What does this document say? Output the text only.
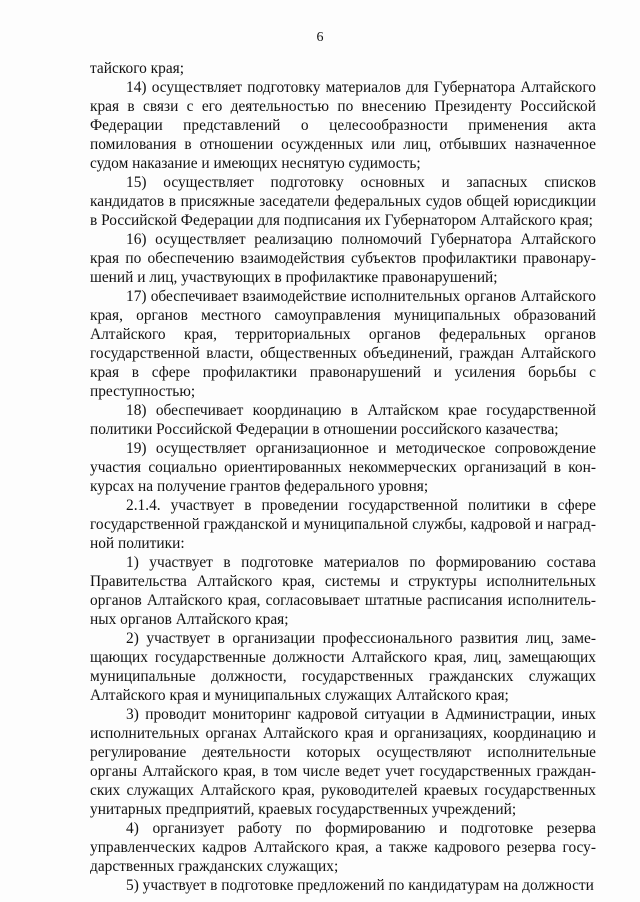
6

тайского края;

14) осуществляет подготовку материалов для Губернатора Алтайского края в связи с его деятельностью по внесению Президенту Российской Федерации представлений о целесообразности применения акта помилования в отношении осужденных или лиц, отбывших назначенное судом наказание и имеющих неснятую судимость;

15) осуществляет подготовку основных и запасных списков кандидатов в присяжные заседатели федеральных судов общей юрисдикции в Российской Федерации для подписания их Губернатором Алтайского края;

16) осуществляет реализацию полномочий Губернатора Алтайского края по обеспечению взаимодействия субъектов профилактики правонарушений и лиц, участвующих в профилактике правонарушений;

17) обеспечивает взаимодействие исполнительных органов Алтайского края, органов местного самоуправления муниципальных образований Алтайского края, территориальных органов федеральных органов государственной власти, общественных объединений, граждан Алтайского края в сфере профилактики правонарушений и усиления борьбы с преступностью;

18) обеспечивает координацию в Алтайском крае государственной политики Российской Федерации в отношении российского казачества;

19) осуществляет организационное и методическое сопровождение участия социально ориентированных некоммерческих организаций в конкурсах на получение грантов федерального уровня;

2.1.4. участвует в проведении государственной политики в сфере государственной гражданской и муниципальной службы, кадровой и наградной политики:

1) участвует в подготовке материалов по формированию состава Правительства Алтайского края, системы и структуры исполнительных органов Алтайского края, согласовывает штатные расписания исполнительных органов Алтайского края;

2) участвует в организации профессионального развития лиц, замещающих государственные должности Алтайского края, лиц, замещающих муниципальные должности, государственных гражданских служащих Алтайского края и муниципальных служащих Алтайского края;

3) проводит мониторинг кадровой ситуации в Администрации, иных исполнительных органах Алтайского края и организациях, координацию и регулирование деятельности которых осуществляют исполнительные органы Алтайского края, в том числе ведет учет государственных гражданских служащих Алтайского края, руководителей краевых государственных унитарных предприятий, краевых государственных учреждений;

4) организует работу по формированию и подготовке резерва управленческих кадров Алтайского края, а также кадрового резерва государственных гражданских служащих;

5) участвует в подготовке предложений по кандидатурам на должности
